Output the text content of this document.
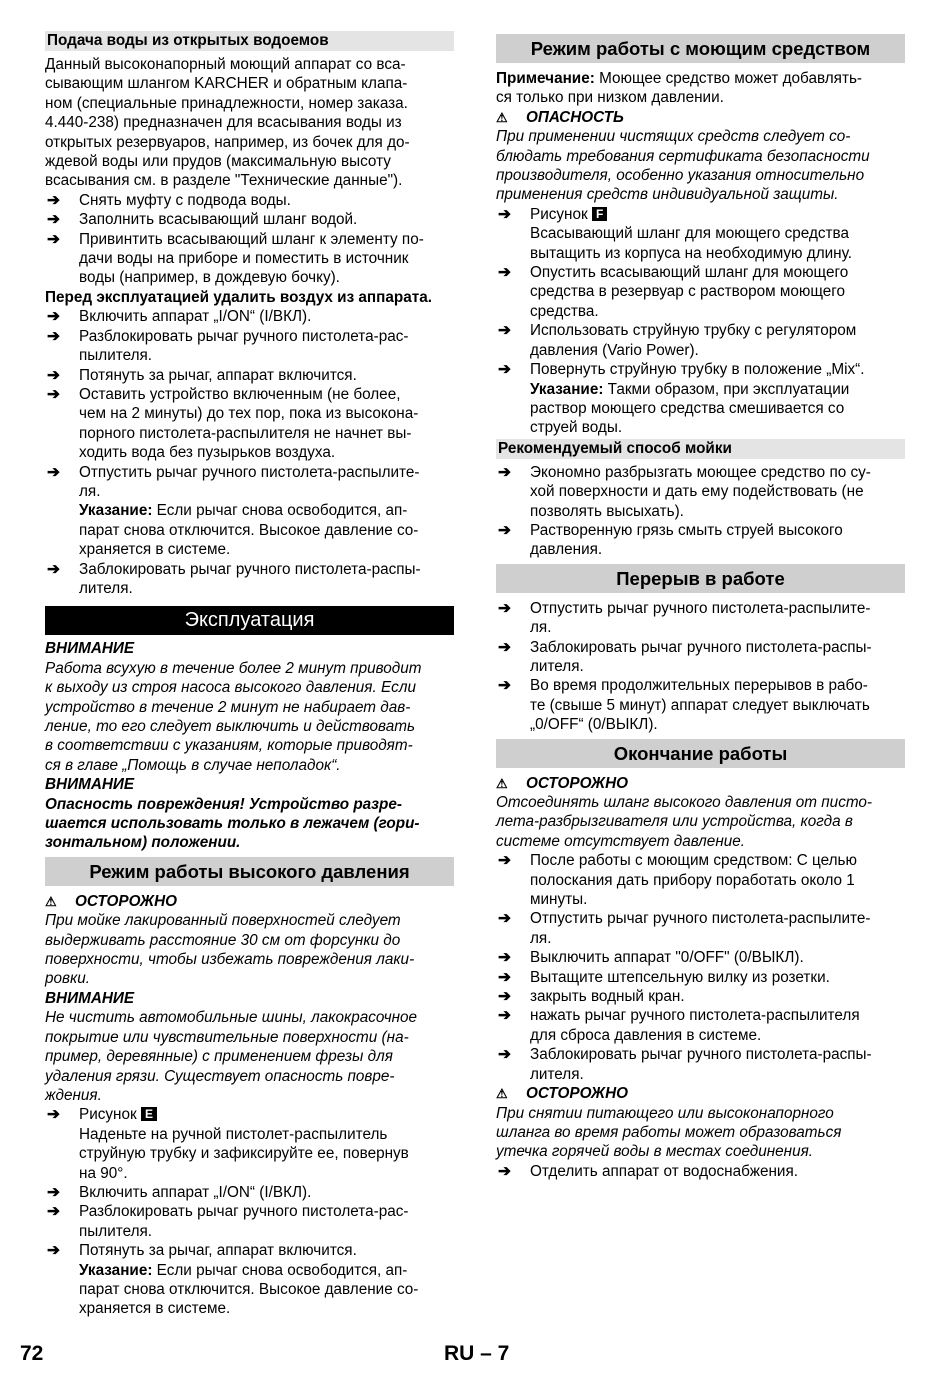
Подача воды из открытых водоемов

Данный высоконапорный моющий аппарат со вса-
сывающим шлангом KARCHER и обратным клапа-
ном (специальные принадлежности, номер заказа.
4.440-238) предназначен для всасывания воды из
открытых резервуаров, например, из бочек для до-
ждевой воды или прудов (максимальную высоту
всасывания см. в разделе "Технические данные").

➔ Снять муфту с подвода воды.
➔ Заполнить всасывающий шланг водой.
➔ Привинтить всасывающий шланг к элементу по-
дачи воды на приборе и поместить в источник
воды (например, в дождевую бочку).

Перед эксплуатацией удалить воздух из аппарата.

➔ Включить аппарат „I/ON“ (I/ВКЛ).
➔ Разблокировать рычаг ручного пистолета-рас-
пылителя.
➔ Потянуть за рычаг, аппарат включится.
➔ Оставить устройство включенным (не более,
чем на 2 минуты) до тех пор, пока из высокона-
порного пистолета-распылителя не начнет вы-
ходить вода без пузырьков воздуха.
➔ Отпустить рычаг ручного пистолета-распылите-
ля.
Указание: Если рычаг снова освободится, ап-
парат снова отключится. Высокое давление со-
храняется в системе.
➔ Заблокировать рычаг ручного пистолета-распы-
лителя.
Эксплуатация

ВНИМАНИЕ

Работа всухую в течение более 2 минут приводит
к выходу из строя насоса высокого давления. Если
устройство в течение 2 минут не набирает дав-
ление, то его следует выключить и действовать
в соответствии с указаниям, которые приводят-
ся в главе „Помощь в случае неполадок“.

ВНИМАНИЕ

Опасность повреждения! Устройство разре-
шается использовать только в лежачем (гори-
зонтальном) положении.

Режим работы высокого давления

⚠ ОСТОРОЖНО

При мойке лакированный поверхностей следует
выдерживать расстояние 30 см от форсунки до
поверхности, чтобы избежать повреждения лаки-
ровки.

ВНИМАНИЕ

Не чистить автомобильные шины, лакокрасочное
покрытие или чувствительные поверхности (на-
пример, деревянные) с применением фрезы для
удаления грязи. Существует опасность повре-
ждения.

➔ Рисунок E
Наденьте на ручной пистолет-распылитель
струйную трубку и зафиксируйте ее, повернув
на 90°.
➔ Включить аппарат „I/ON“ (I/ВКЛ).
➔ Разблокировать рычаг ручного пистолета-рас-
пылителя.
➔ Потянуть за рычаг, аппарат включится.
Указание: Если рычаг снова освободится, ап-
парат снова отключится. Высокое давление со-
храняется в системе.
Режим работы с моющим средством

Примечание: Моющее средство может добавлять-
ся только при низком давлении.

⚠ ОПАСНОСТЬ

При применении чистящих средств следует со-
блюдать требования сертификата безопасности
производителя, особенно указания относительно
применения средств индивидуальной защиты.

➔ Рисунок F
Всасывающий шланг для моющего средства
вытащить из корпуса на необходимую длину.
➔ Опустить всасывающий шланг для моющего
средства в резервуар с раствором моющего
средства.
➔ Использовать струйную трубку с регулятором
давления (Vario Power).
➔ Повернуть струйную трубку в положение „Mix“.
Указание: Такми образом, при эксплуатации
раствор моющего средства смешивается со
струей воды.
Рекомендуемый способ мойки
➔ Экономно разбрызгать моющее средство по су-
хой поверхности и дать ему подействовать (не
позволять высыхать).
➔ Растворенную грязь смыть струей высокого
давления.
Перерыв в работе
➔ Отпустить рычаг ручного пистолета-распылите-
ля.
➔ Заблокировать рычаг ручного пистолета-распы-
лителя.
➔ Во время продолжительных перерывов в рабо-
те (свыше 5 минут) аппарат следует выключать
„0/OFF“ (0/ВЫКЛ).
Окончание работы

⚠ ОСТОРОЖНО

Отсоединять шланг высокого давления от писто-
лета-разбрызгивателя или устройства, когда в
системе отсутствует давление.

➔ После работы с моющим средством: С целью
полоскания дать прибору поработать около 1
минуты.
➔ Отпустить рычаг ручного пистолета-распылите-
ля.
➔ Выключить аппарат "0/OFF" (0/ВЫКЛ).
➔ Вытащите штепсельную вилку из розетки.
➔ закрыть водный кран.
➔ нажать рычаг ручного пистолета-распылителя
для сброса давления в системе.
➔ Заблокировать рычаг ручного пистолета-распы-
лителя.

⚠ ОСТОРОЖНО

При снятии питающего или высоконапорного
шланга во время работы может образоваться
утечка горячей воды в местах соединения.

➔ Отделить аппарат от водоснабжения.
72	RU – 7
